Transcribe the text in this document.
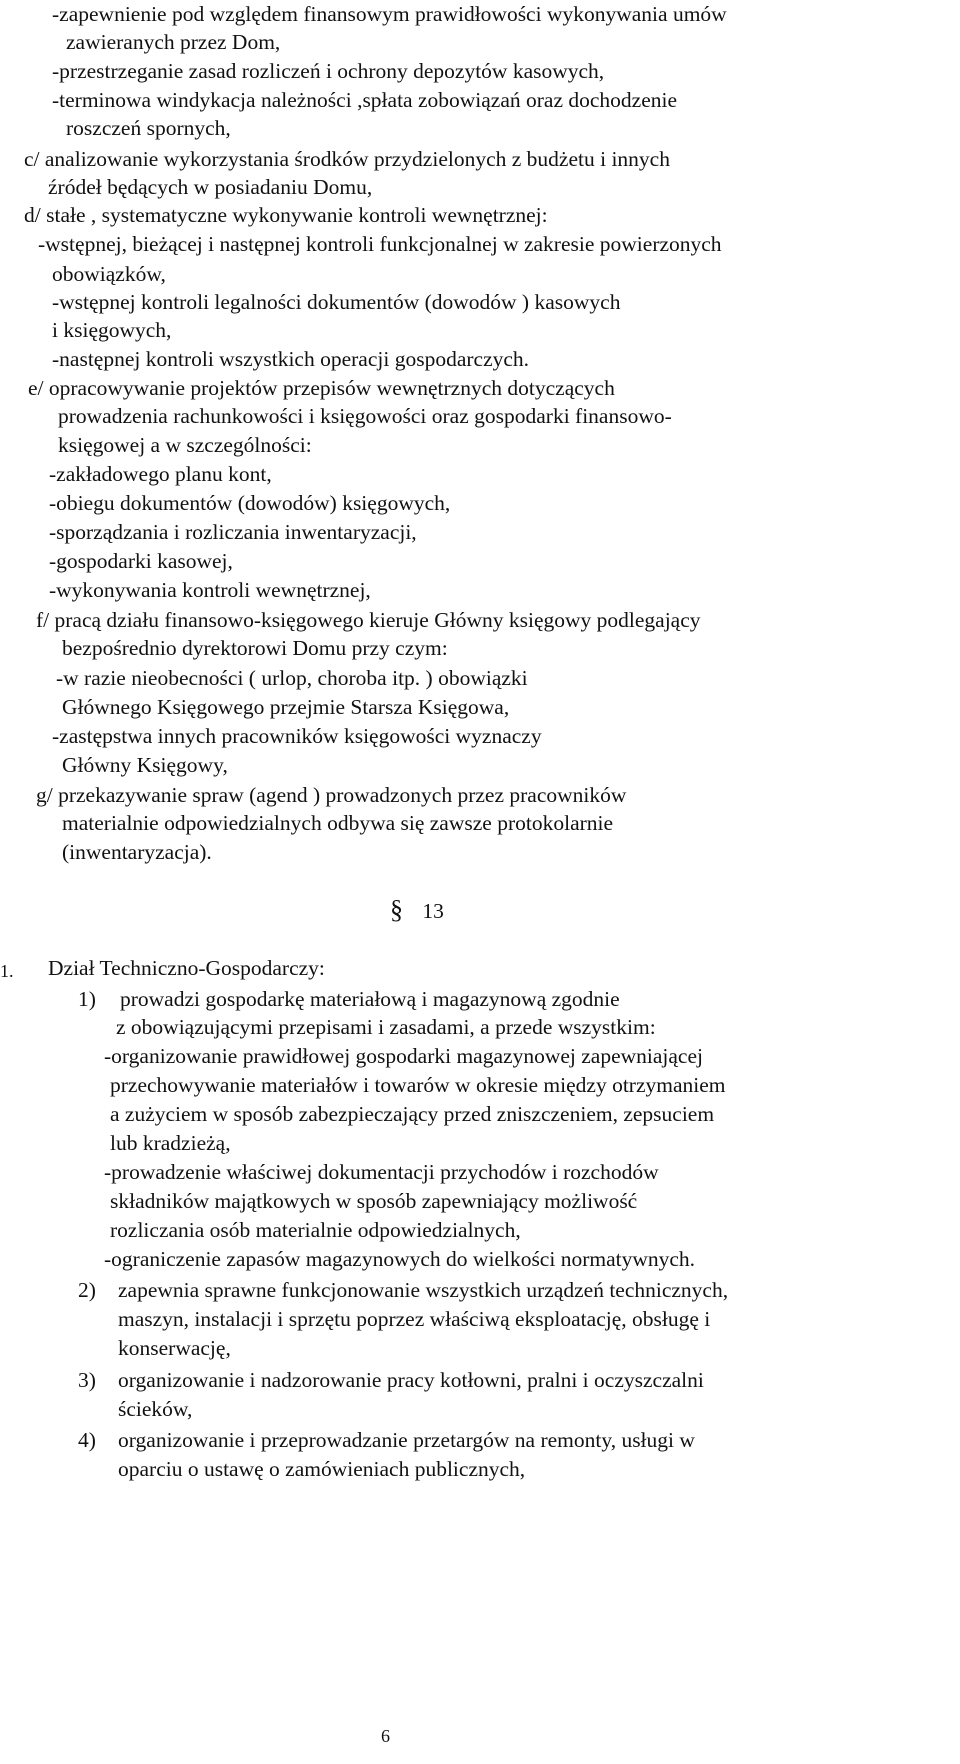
-zapewnienie pod względem finansowym prawidłowości wykonywania umów
zawieranych przez Dom,
-przestrzeganie zasad rozliczeń i ochrony depozytów kasowych,
-terminowa windykacja należności ,spłata zobowiązań oraz dochodzenie
roszczeń spornych,
c/ analizowanie wykorzystania środków przydzielonych z budżetu i innych
źródeł będących w posiadaniu Domu,
d/ stałe , systematyczne wykonywanie kontroli wewnętrznej:
-wstępnej, bieżącej i następnej kontroli funkcjonalnej w zakresie powierzonych
obowiązków,
-wstępnej kontroli legalności dokumentów (dowodów ) kasowych
i księgowych,
-następnej kontroli wszystkich operacji gospodarczych.
e/ opracowywanie projektów przepisów wewnętrznych dotyczących
prowadzenia rachunkowości i księgowości oraz gospodarki finansowo-
księgowej a w szczególności:
-zakładowego planu kont,
-obiegu dokumentów (dowodów) księgowych,
-sporządzania i rozliczania inwentaryzacji,
-gospodarki kasowej,
-wykonywania kontroli wewnętrznej,
f/ pracą działu finansowo-księgowego kieruje Główny księgowy podlegający
bezpośrednio dyrektorowi Domu przy czym:
-w razie nieobecności ( urlop, choroba itp. ) obowiązki
Głównego Księgowego przejmie Starsza Księgowa,
-zastępstwa innych pracowników księgowości wyznaczy
Główny Księgowy,
g/ przekazywanie spraw (agend ) prowadzonych przez pracowników
materialnie odpowiedzialnych odbywa się zawsze protokolarnie
(inwentaryzacja).
§ 13
1. Dział Techniczno-Gospodarczy:
1) prowadzi gospodarkę materiałową i magazynową zgodnie
z obowiązującymi przepisami i zasadami, a przede wszystkim:
-organizowanie prawidłowej gospodarki magazynowej zapewniającej
przechowywanie materiałów i towarów w okresie między otrzymaniem
a zużyciem w sposób zabezpieczający przed zniszczeniem, zepsuciem
lub kradzieżą,
-prowadzenie właściwej dokumentacji przychodów i rozchodów
składników majątkowych w sposób zapewniający możliwość
rozliczania osób materialnie odpowiedzialnych,
-ograniczenie zapasów magazynowych do wielkości normatywnych.
2) zapewnia sprawne funkcjonowanie wszystkich urządzeń technicznych,
maszyn, instalacji i sprzętu poprzez właściwą eksploatację, obsługę i
konserwację,
3) organizowanie i nadzorowanie pracy kotłowni, pralni i oczyszczalni
ścieków,
4) organizowanie i przeprowadzanie przetargów na remonty, usługi w
oparciu o ustawę o zamówieniach publicznych,
6
